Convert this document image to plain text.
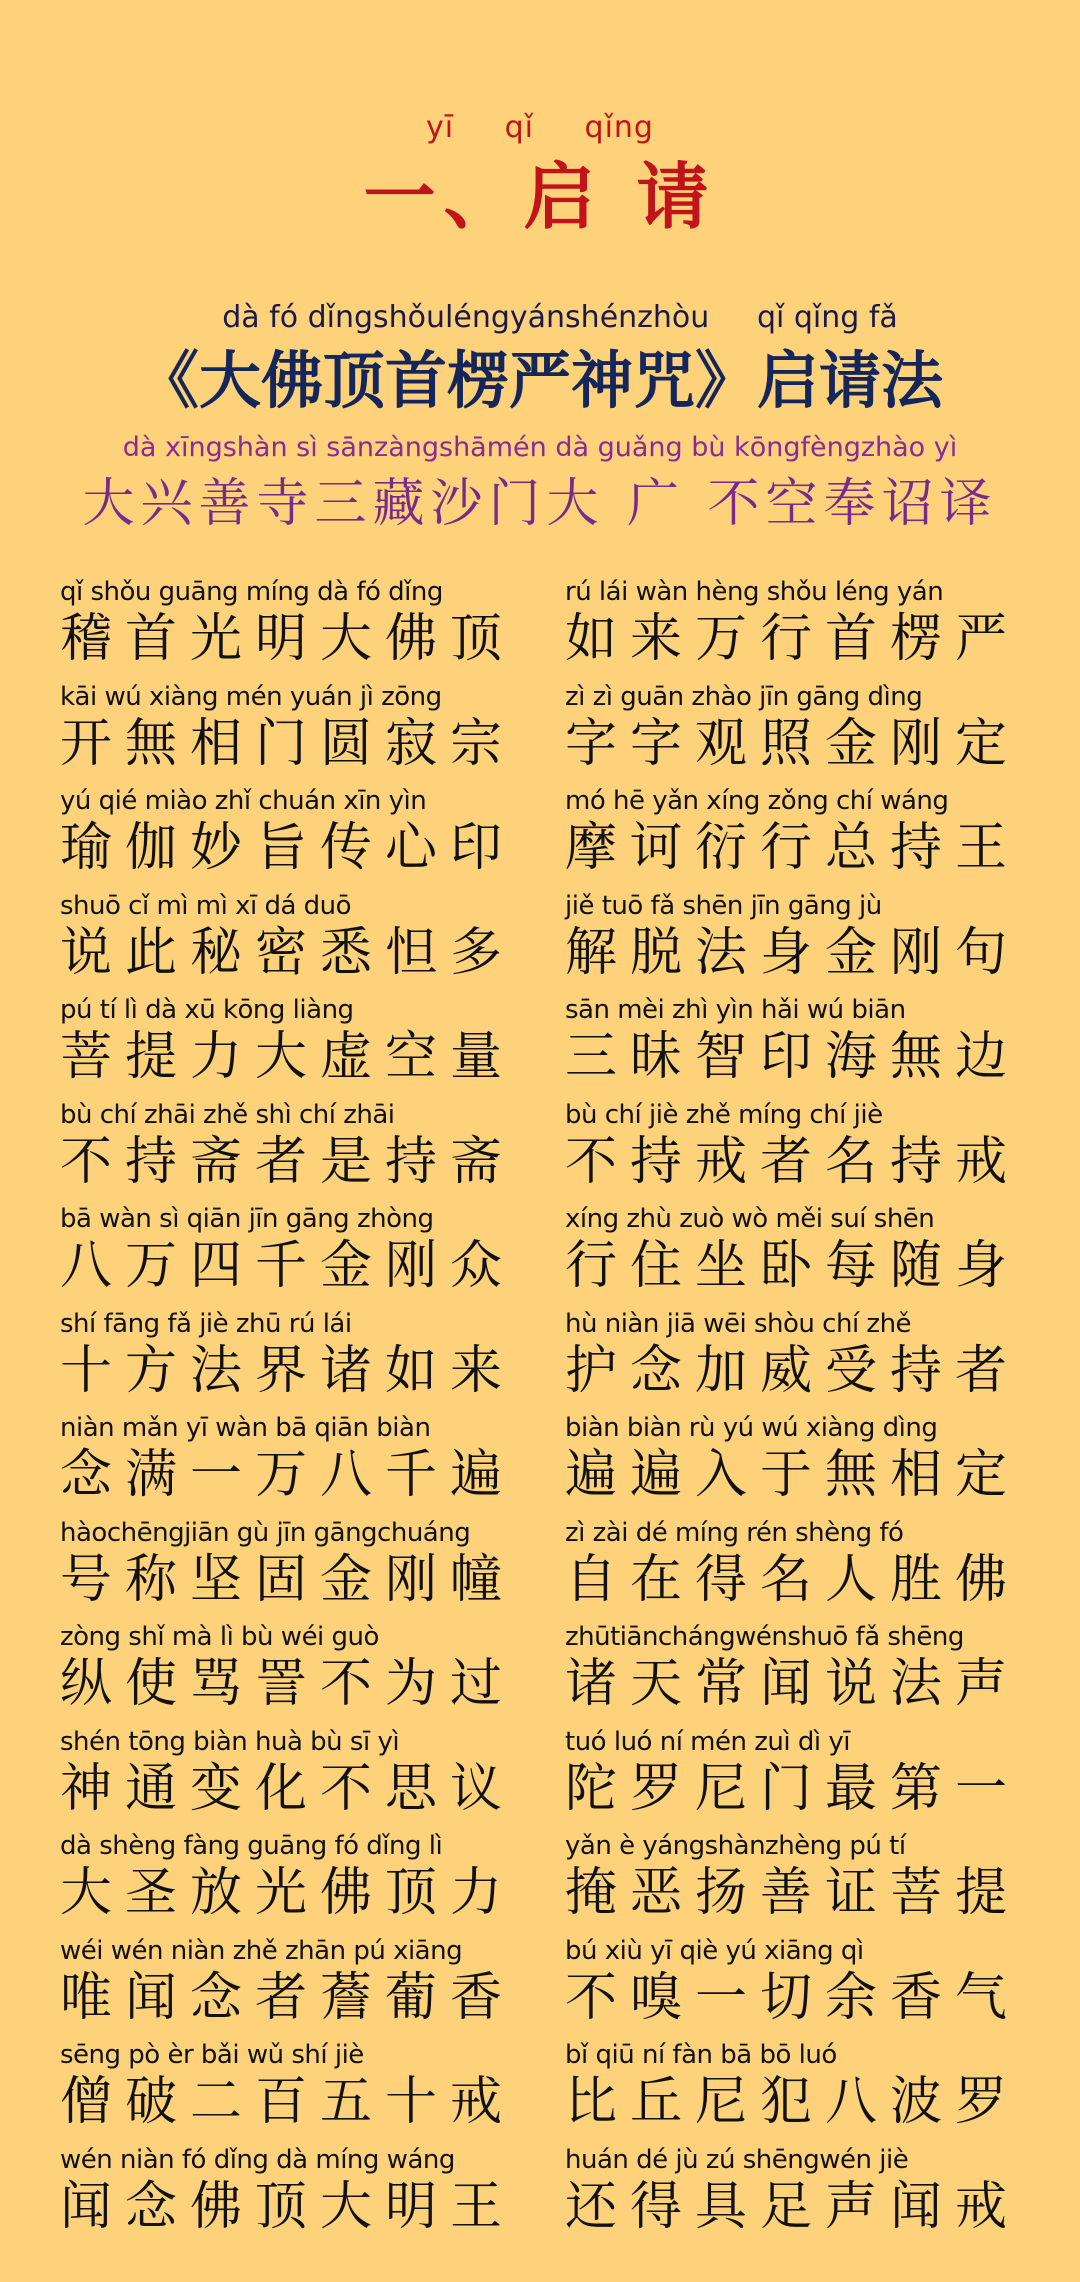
yī qǐ qǐng
一、启 请
dà fó dǐngshǒuléngyánshénzhòu     qǐ qǐng fǎ
《大佛顶首楞严神咒》启请法
dà xīngshàn sì sānzàngshāmén dà guǎng bù kōngfèngzhào yì
大兴善寺三藏沙门大 广 不空奉诏译
qǐ shǒu guāng míng dà fó dǐng
稽首光明大佛顶
rú lái wàn hèng shǒu léng yán
如来万行首楞严
kāi wú xiàng mén yuán jì zōng
开無相门圆寂宗
zì zì guān zhào jīn gāng dìng
字字观照金刚定
yú qié miào zhǐ chuán xīn yìn
瑜伽妙旨传心印
mó hē yǎn xíng zǒng chí wáng
摩诃衍行总持王
shuō cǐ mì mì xī dá duō
说此秘密悉怛多
jiě tuō fǎ shēn jīn gāng jù
解脱法身金刚句
pú tí lì dà xū kōng liàng
菩提力大虚空量
sān mèi zhì yìn hǎi wú biān
三昧智印海無边
bù chí zhāi zhě shì chí zhāi
不持斋者是持斋
bù chí jiè zhě míng chí jiè
不持戒者名持戒
bā wàn sì qiān jīn gāng zhòng
八万四千金刚众
xíng zhù zuò wò měi suí shēn
行住坐卧每随身
shí fāng fǎ jiè zhū rú lái
十方法界诸如来
hù niàn jiā wēi shòu chí zhě
护念加威受持者
niàn mǎn yī wàn bā qiān biàn
念满一万八千遍
biàn biàn rù yú wú xiàng dìng
遍遍入于無相定
hàochēngjiān gù jīn gāngchuáng
号称坚固金刚幢
zì zài dé míng rén shèng fó
自在得名人胜佛
zòng shǐ mà lì bù wéi guò
纵使骂詈不为过
zhūtiānchángwénshuō fǎ shēng
诸天常闻说法声
shén tōng biàn huà bù sī yì
神通变化不思议
tuó luó ní mén zuì dì yī
陀罗尼门最第一
dà shèng fàng guāng fó dǐng lì
大圣放光佛顶力
yǎn è yángshànzhèng pú tí
掩恶扬善证菩提
wéi wén niàn zhě zhān pú xiāng
唯闻念者薝葡香
bú xiù yī qiè yú xiāng qì
不嗅一切余香气
sēng pò èr bǎi wǔ shí jiè
僧破二百五十戒
bǐ qiū ní fàn bā bō luó
比丘尼犯八波罗
wén niàn fó dǐng dà míng wáng
闻念佛顶大明王
huán dé jù zú shēngwén jiè
还得具足声闻戒
